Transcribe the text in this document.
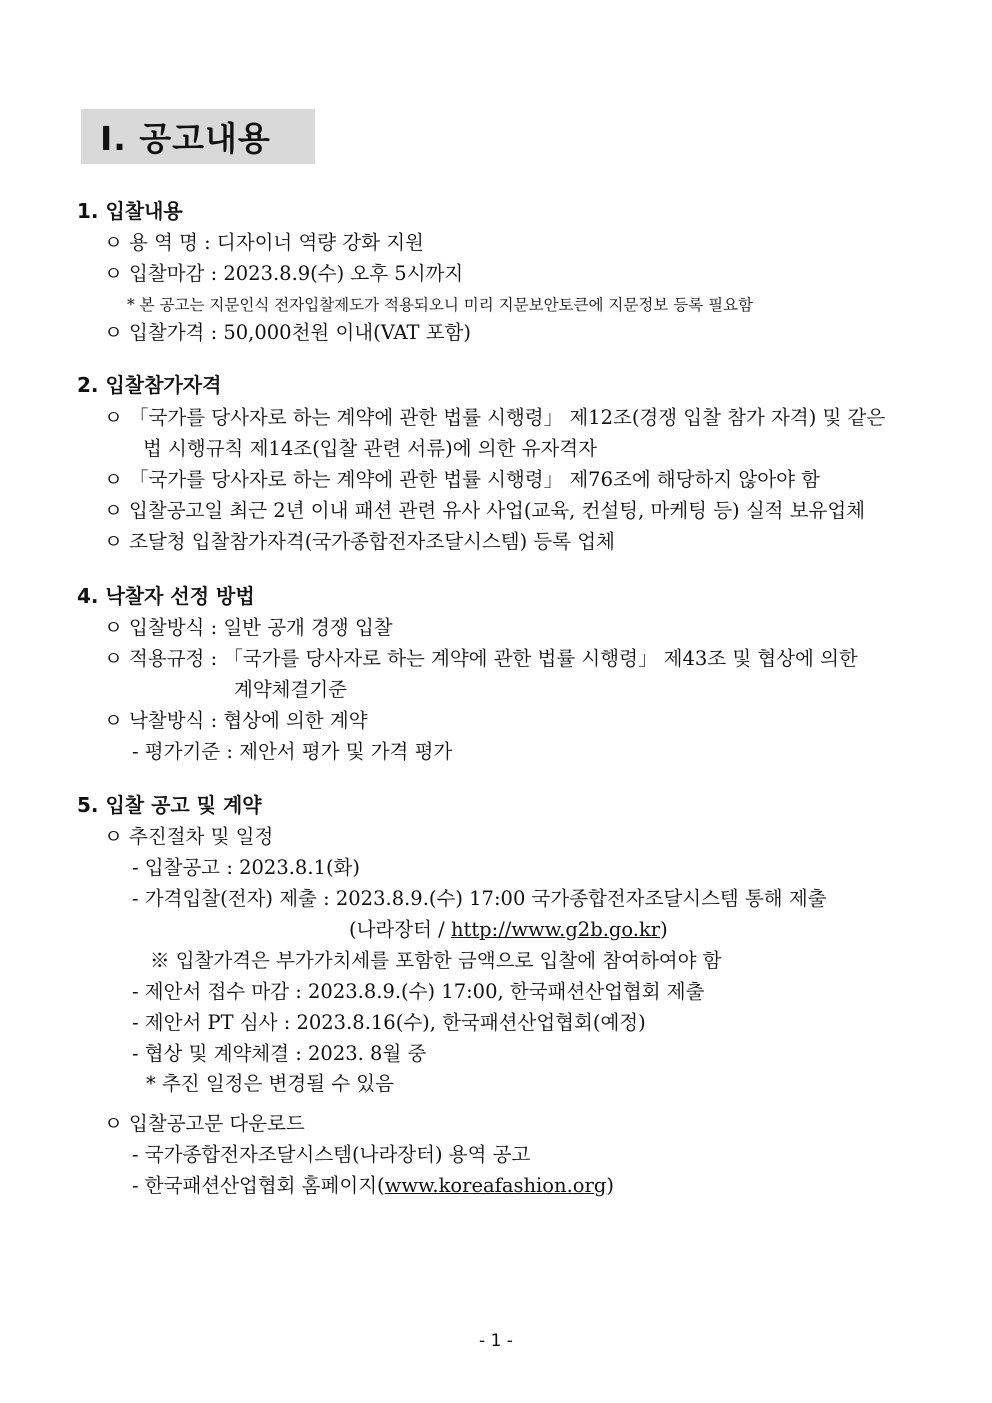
Ⅰ. 공고내용
1. 입찰내용
ㅇ 용 역 명 : 디자이너 역량 강화 지원
ㅇ 입찰마감 : 2023.8.9(수) 오후 5시까지
* 본 공고는 지문인식 전자입찰제도가 적용되오니 미리 지문보안토큰에 지문정보 등록 필요함
ㅇ 입찰가격 : 50,000천원 이내(VAT 포함)
2. 입찰참가자격
ㅇ 「국가를 당사자로 하는 계약에 관한 법률 시행령」 제12조(경쟁 입찰 참가 자격) 및 같은
법 시행규칙 제14조(입찰 관련 서류)에 의한 유자격자
ㅇ 「국가를 당사자로 하는 계약에 관한 법률 시행령」 제76조에 해당하지 않아야 함
ㅇ 입찰공고일 최근 2년 이내 패션 관련 유사 사업(교육, 컨설팅, 마케팅 등) 실적 보유업체
ㅇ 조달청 입찰참가자격(국가종합전자조달시스템) 등록 업체
4. 낙찰자 선정 방법
ㅇ 입찰방식 : 일반 공개 경쟁 입찰
ㅇ 적용규정 : 「국가를 당사자로 하는 계약에 관한 법률 시행령」 제43조 및 협상에 의한
계약체결기준
ㅇ 낙찰방식 : 협상에 의한 계약
- 평가기준 : 제안서 평가 및 가격 평가
5. 입찰 공고 및 계약
ㅇ 추진절차 및 일정
- 입찰공고 : 2023.8.1(화)
- 가격입찰(전자) 제출 : 2023.8.9.(수) 17:00 국가종합전자조달시스템 통해 제출
(나라장터 / http://www.g2b.go.kr)
※ 입찰가격은 부가가치세를 포함한 금액으로 입찰에 참여하여야 함
- 제안서 접수 마감 : 2023.8.9.(수) 17:00, 한국패션산업협회 제출
- 제안서 PT 심사 : 2023.8.16(수), 한국패션산업협회(예정)
- 협상 및 계약체결 : 2023. 8월 중
* 추진 일정은 변경될 수 있음
ㅇ 입찰공고문 다운로드
- 국가종합전자조달시스템(나라장터) 용역 공고
- 한국패션산업협회 홈페이지(www.koreafashion.org)
- 1 -
